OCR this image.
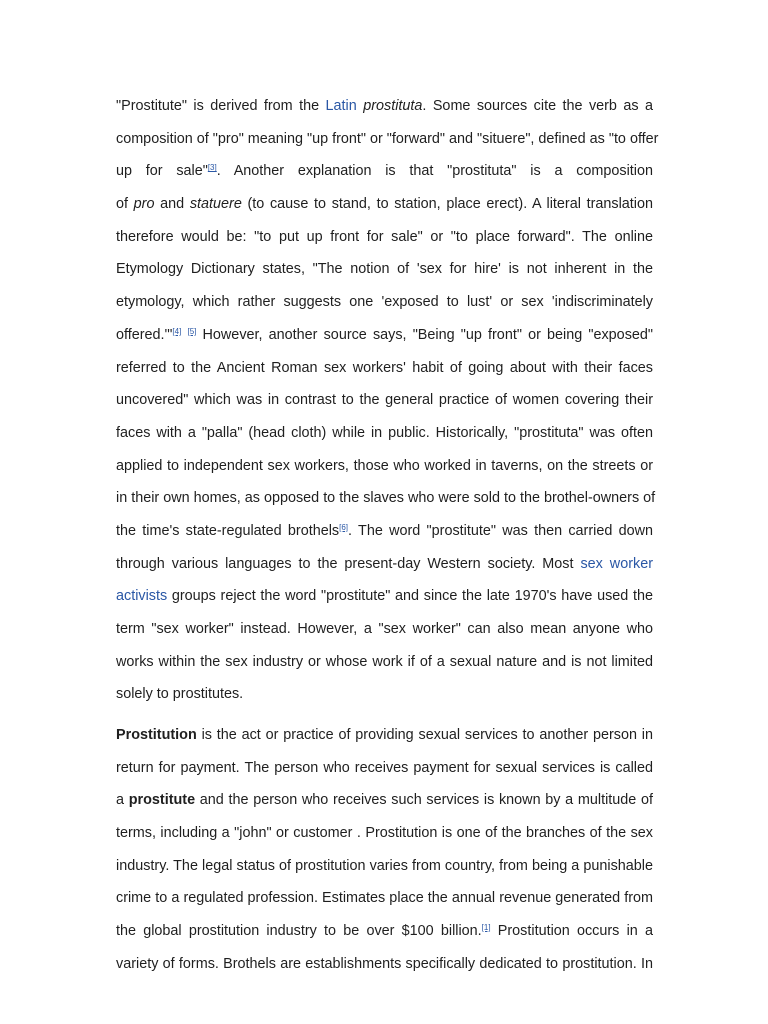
"Prostitute" is derived from the Latin prostituta. Some sources cite the verb as a
composition of "pro" meaning "up front" or "forward" and "situere", defined as "to offer
up for sale"[3]. Another explanation is that "prostituta" is a composition
of pro and statuere (to cause to stand, to station, place erect). A literal translation
therefore would be: "to put up front for sale" or "to place forward". The online
Etymology Dictionary states, "The notion of 'sex for hire' is not inherent in the
etymology, which rather suggests one 'exposed to lust' or sex 'indiscriminately
offered.'"[4] [5] However, another source says, "Being "up front" or being "exposed"
referred to the Ancient Roman sex workers' habit of going about with their faces
uncovered" which was in contrast to the general practice of women covering their
faces with a "palla" (head cloth) while in public. Historically, "prostituta" was often
applied to independent sex workers, those who worked in taverns, on the streets or
in their own homes, as opposed to the slaves who were sold to the brothel-owners of
the time's state-regulated brothels[6]. The word "prostitute" was then carried down
through various languages to the present-day Western society. Most sex worker
activists groups reject the word "prostitute" and since the late 1970's have used the
term "sex worker" instead. However, a "sex worker" can also mean anyone who
works within the sex industry or whose work if of a sexual nature and is not limited
solely to prostitutes.
Prostitution is the act or practice of providing sexual services to another person in
return for payment. The person who receives payment for sexual services is called
a prostitute and the person who receives such services is known by a multitude of
terms, including a "john" or customer . Prostitution is one of the branches of the sex
industry. The legal status of prostitution varies from country, from being a punishable
crime to a regulated profession. Estimates place the annual revenue generated from
the global prostitution industry to be over $100 billion.[1] Prostitution occurs in a
variety of forms. Brothels are establishments specifically dedicated to prostitution. In
